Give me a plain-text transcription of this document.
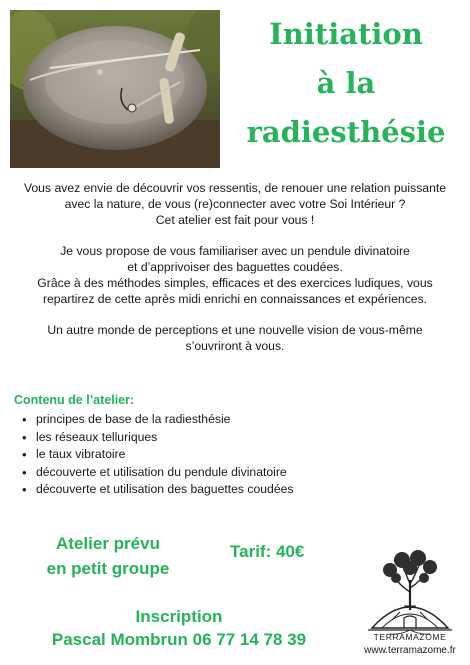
Initiation
à la
radiesthésie

Vous avez envie de découvrir vos ressentis, de renouer une relation puissante
avec la nature, de vous (re)connecter avec votre Soi Intérieur ?
Cet atelier est fait pour vous !

Je vous propose de vous familiariser avec un pendule divinatoire
et d’apprivoiser des baguettes coudées.
Grâce à des méthodes simples, efficaces et des exercices ludiques, vous
repartirez de cette après midi enrichi en connaissances et expériences.

Un autre monde de perceptions et une nouvelle vision de vous-même
s’ouvriront à vous.

Contenu de l’atelier:
• principes de base de la radiesthésie
• les réseaux telluriques
• le taux vibratoire
• découverte et utilisation du pendule divinatoire
• découverte et utilisation des baguettes coudées
Atelier prévu
en petit groupe
Tarif: 40€
Inscription
Pascal Mombrun 06 77 14 78 39	TERRAMAZOME
www.terramazome.fr
